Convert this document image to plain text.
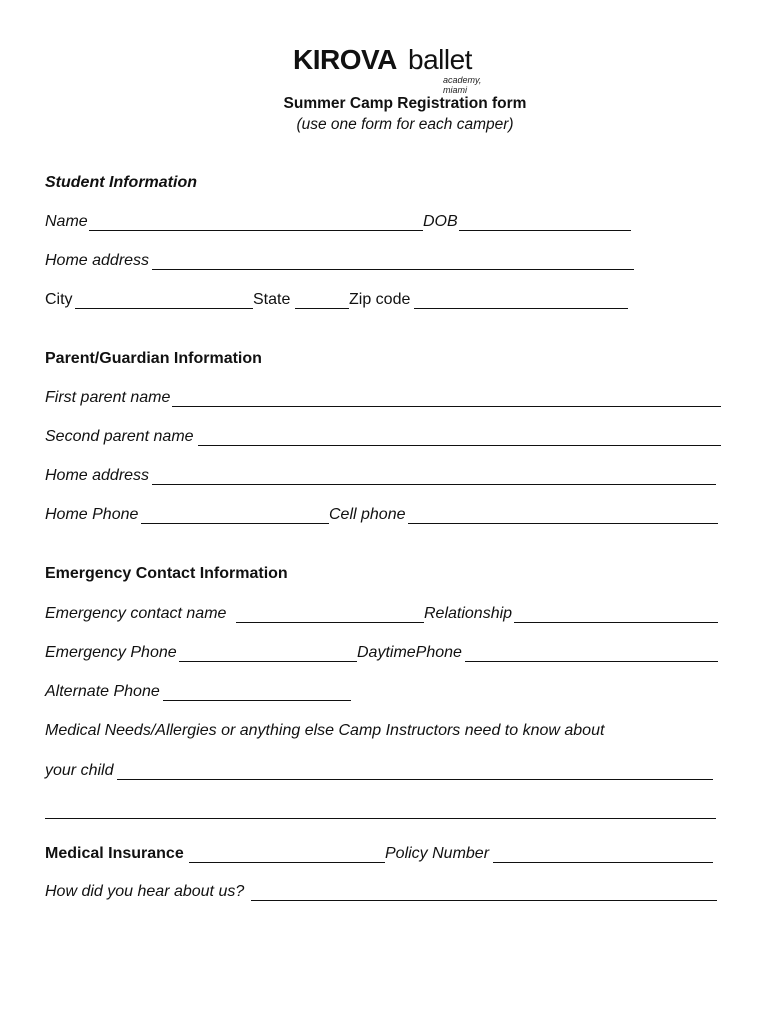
KIROVA ballet
academy, miami
Summer Camp Registration form
(use one form for each camper)
Student Information
Name	DOB
Home address
City	State	Zip code
Parent/Guardian Information
First parent name
Second parent name
Home address
Home Phone	Cell phone
Emergency Contact Information
Emergency contact name	Relationship
Emergency Phone	DaytimePhone
Alternate Phone
Medical Needs/Allergies or anything else Camp Instructors need to know about
your child
Medical Insurance	Policy Number
How did you hear about us?
